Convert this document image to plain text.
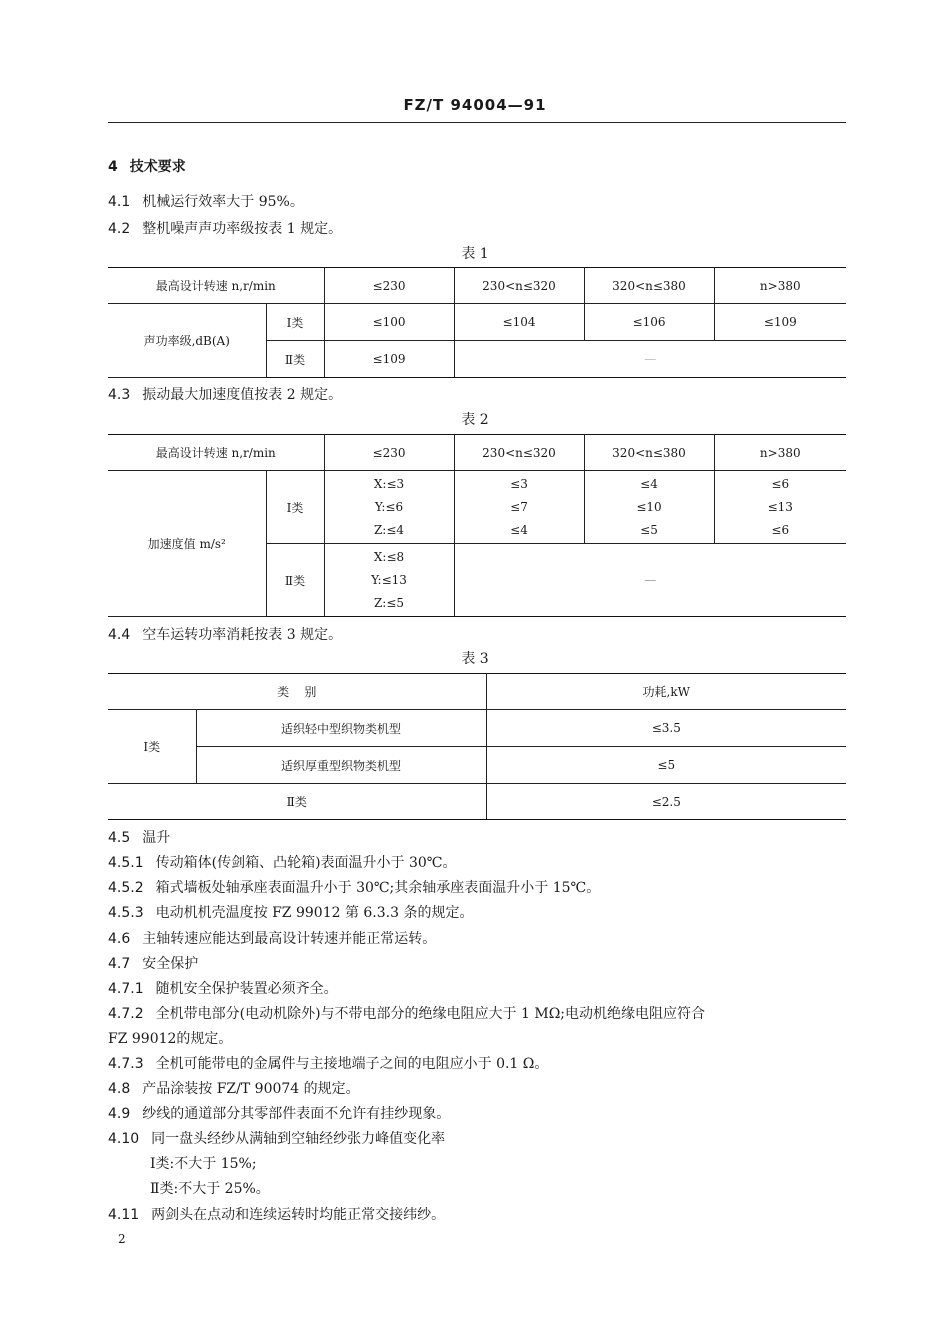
FZ/T 94004—91
4 技术要求
4.1 机械运行效率大于 95%。
4.2 整机噪声声功率级按表 1 规定。
表 1
最高设计转速 n,r/min		≤230	230<n≤320	320<n≤380	n>380
声功率级,dB(A)	Ⅰ类	≤100	≤104	≤106	≤109
	Ⅱ类	≤109	—		
4.3 振动最大加速度值按表 2 规定。
表 2
最高设计转速 n,r/min		≤230	230<n≤320	320<n≤380	n>380
加速度值 m/s²	Ⅰ类	X:≤3
Y:≤6
Z:≤4	≤3
≤7
≤4	≤4
≤10
≤5	≤6
≤13
≤6

	Ⅱ类	X:≤8
Y:≤13
Z:≤5	—		
4.4 空车运转功率消耗按表 3 规定。
表 3
类    别		功耗,kW
Ⅰ类	适织轻中型织物类机型	≤3.5
	适织厚重型织物类机型	≤5
Ⅱ类		≤2.5
4.5 温升
4.5.1 传动箱体(传剑箱、凸轮箱)表面温升小于 30℃。
4.5.2 箱式墙板处轴承座表面温升小于 30℃;其余轴承座表面温升小于 15℃。
4.5.3 电动机机壳温度按 FZ 99012 第 6.3.3 条的规定。
4.6 主轴转速应能达到最高设计转速并能正常运转。
4.7 安全保护
4.7.1 随机安全保护装置必须齐全。
4.7.2 全机带电部分(电动机除外)与不带电部分的绝缘电阻应大于 1 MΩ;电动机绝缘电阻应符合
FZ 99012的规定。
4.7.3 全机可能带电的金属件与主接地端子之间的电阻应小于 0.1 Ω。
4.8 产品涂装按 FZ/T 90074 的规定。
4.9 纱线的通道部分其零部件表面不允许有挂纱现象。
4.10 同一盘头经纱从满轴到空轴经纱张力峰值变化率
Ⅰ类:不大于 15%;
Ⅱ类:不大于 25%。
4.11 两剑头在点动和连续运转时均能正常交接纬纱。
2
